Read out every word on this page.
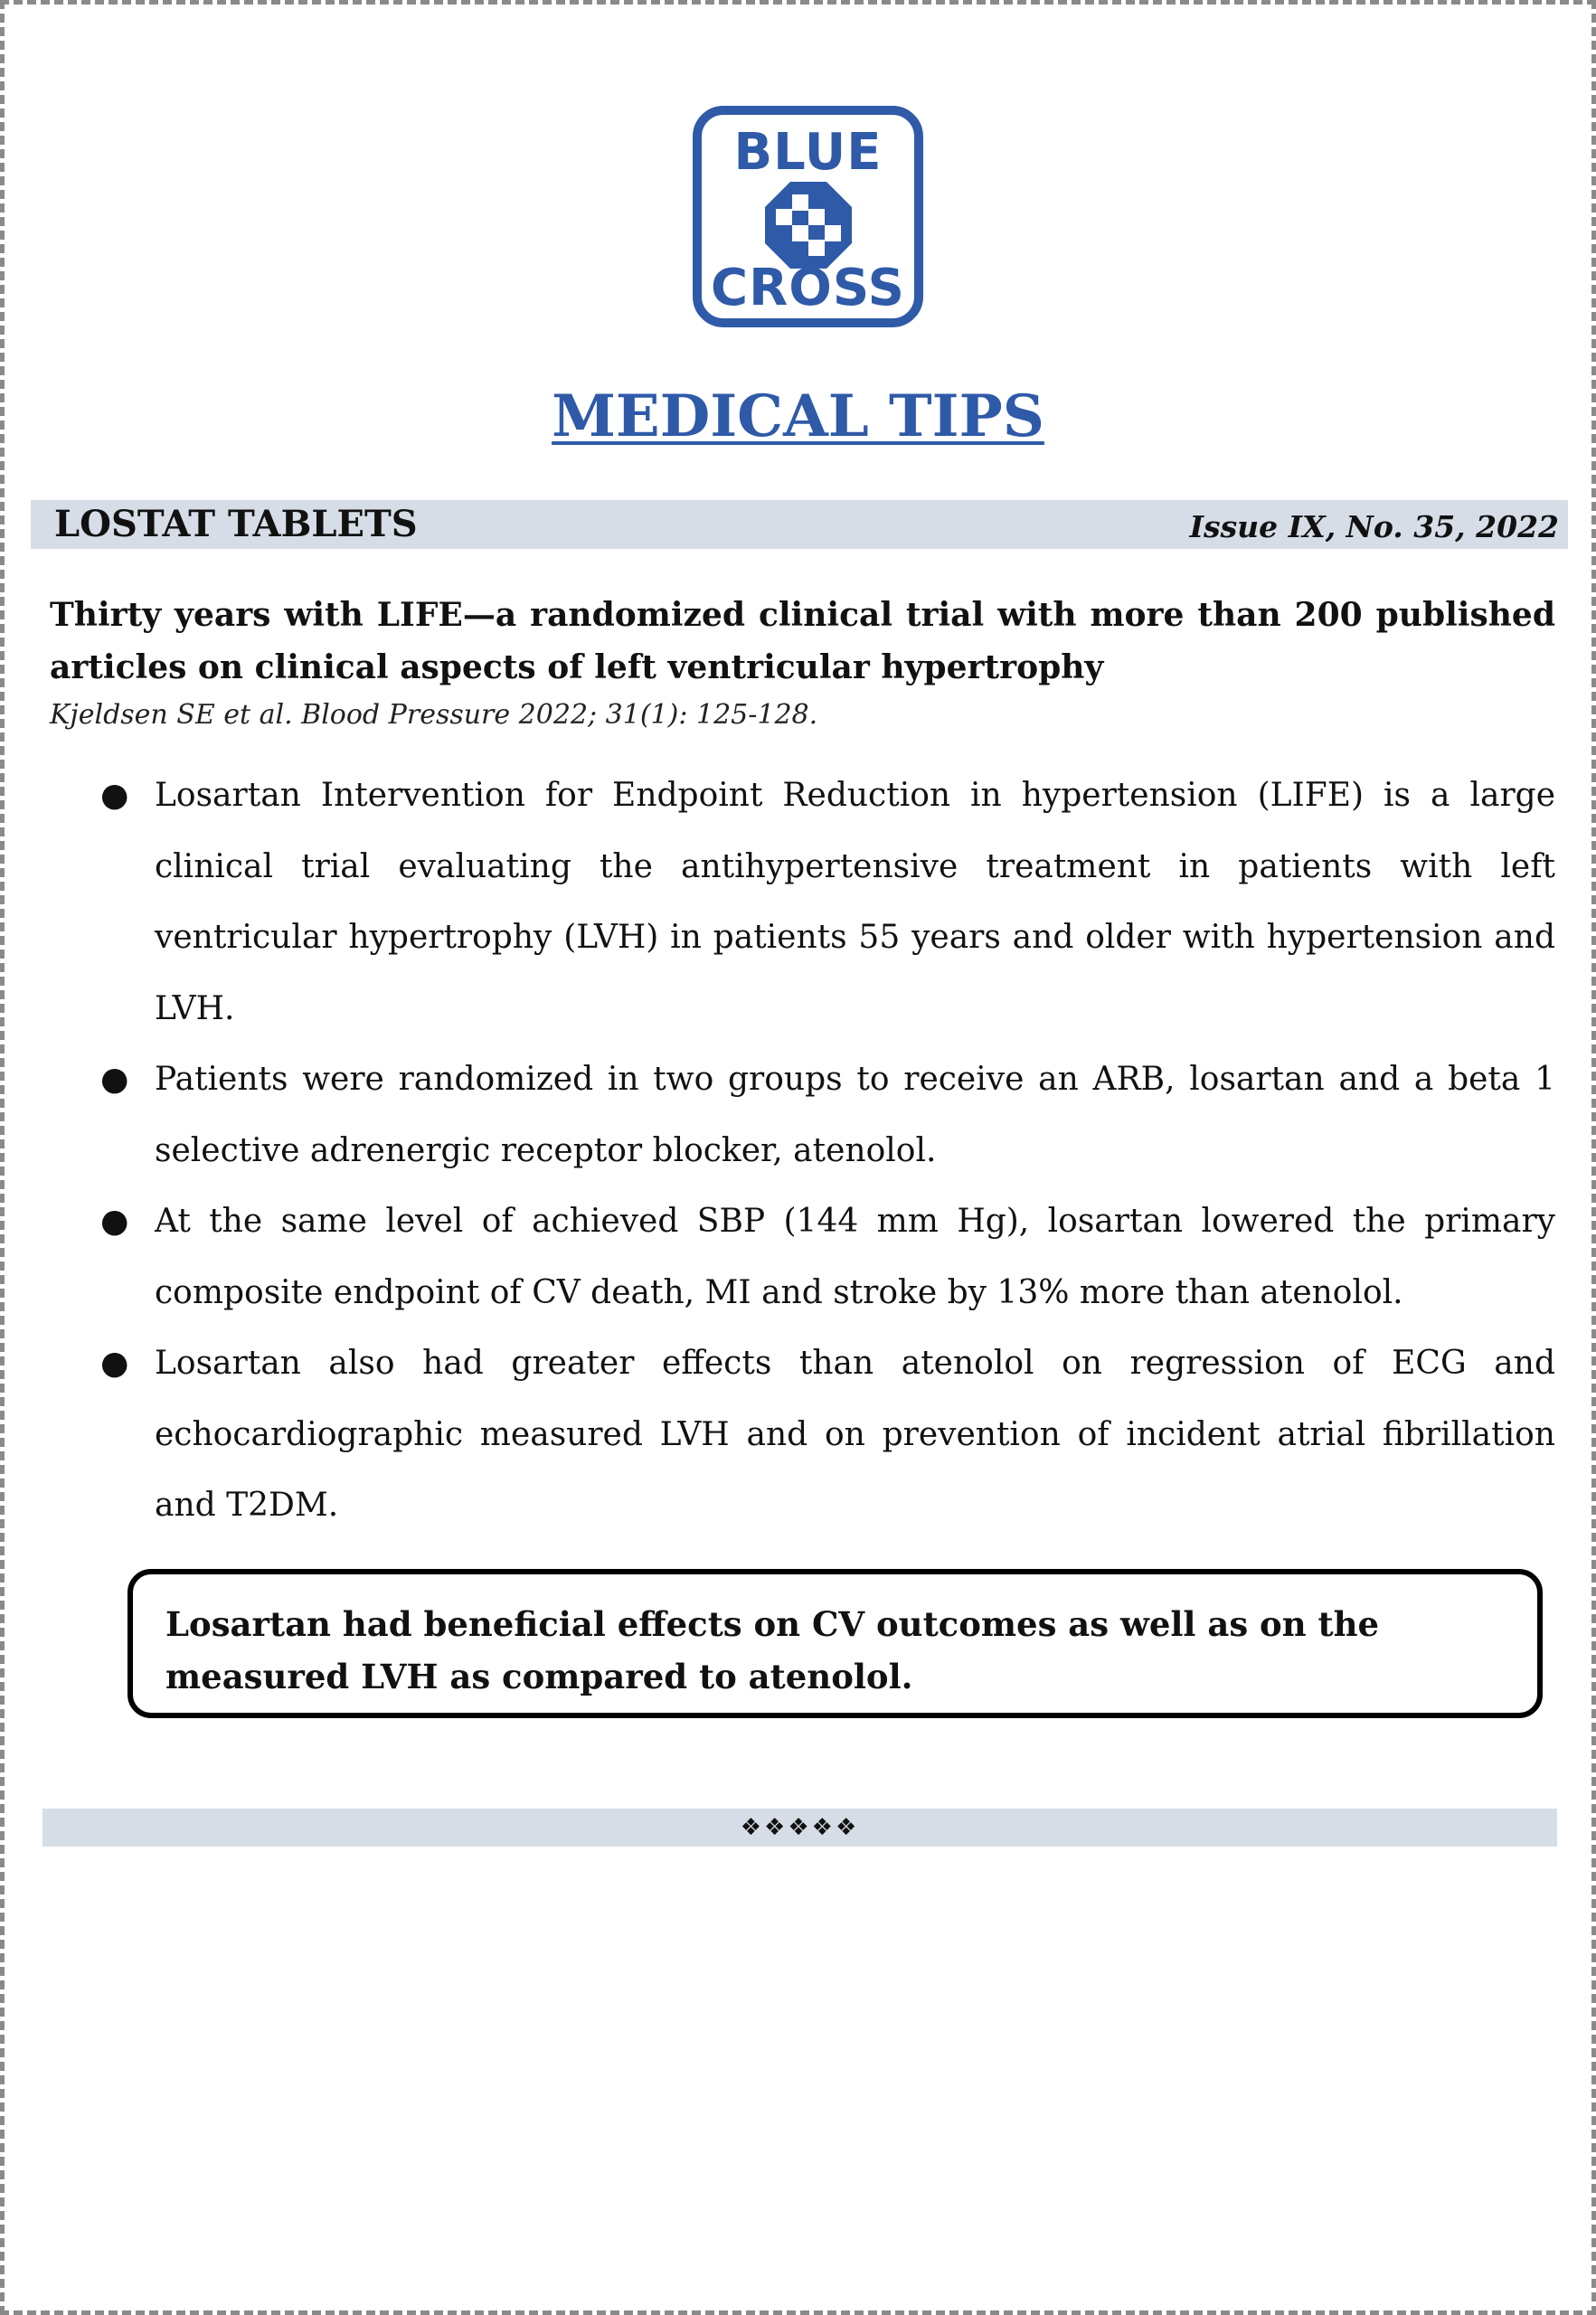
BLUE
CROSS
MEDICAL TIPS
LOSTAT TABLETS	Issue IX, No. 35, 2022

Thirty years with LIFE—a randomized clinical trial with more than 200 published articles on clinical aspects of left ventricular hypertrophy

Kjeldsen SE et al. Blood Pressure 2022; 31(1): 125-128.
● Losartan Intervention for Endpoint Reduction in hypertension (LIFE) is a large clinical trial evaluating the antihypertensive treatment in patients with left ventricular hypertrophy (LVH) in patients 55 years and older with hypertension and LVH.
● Patients were randomized in two groups to receive an ARB, losartan and a beta 1 selective adrenergic receptor blocker, atenolol.
● At the same level of achieved SBP (144 mm Hg), losartan lowered the primary composite endpoint of CV death, MI and stroke by 13% more than atenolol.
● Losartan also had greater effects than atenolol on regression of ECG and echocardiographic measured LVH and on prevention of incident atrial fibrillation and T2DM.

Losartan had beneficial effects on CV outcomes as well as on the measured LVH as compared to atenolol.

❖❖❖❖❖
